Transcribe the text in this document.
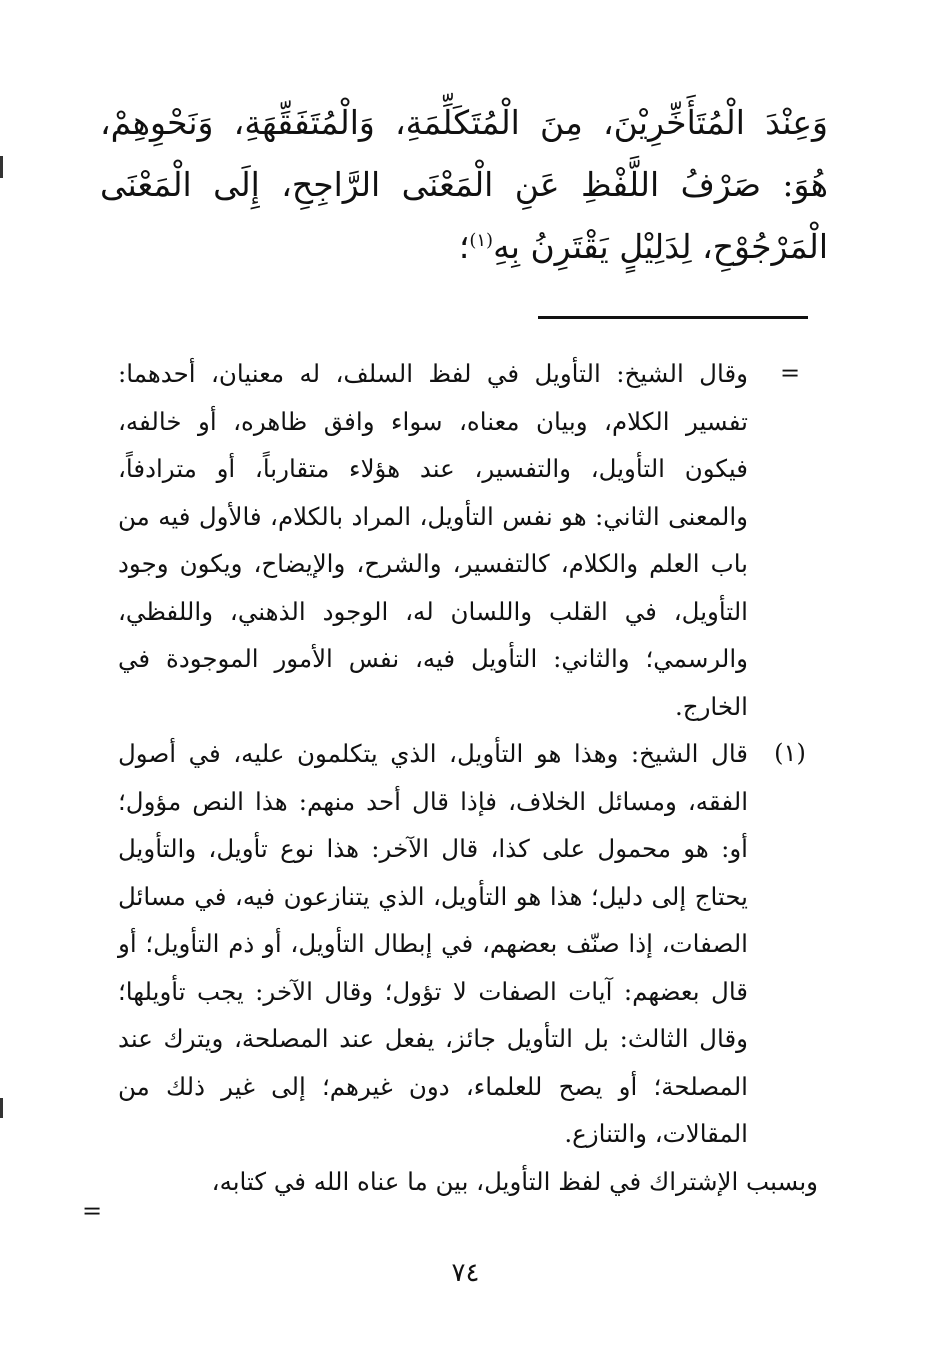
وَعِنْدَ الْمُتَأَخِّرِيْنَ، مِنَ الْمُتَكَلِّمَةِ، وَالْمُتَفَقِّهَةِ، وَنَحْوِهِمْ، هُوَ: صَرْفُ اللَّفْظِ عَنِ الْمَعْنَى الرَّاجِحِ، إِلَى الْمَعْنَى الْمَرْجُوْحِ، لِدَلِيْلٍ يَقْتَرِنُ بِهِ$^{(١)}$؛
=
وقال الشيخ: التأويل في لفظ السلف، له معنيان، أحدهما: تفسير الكلام، وبيان معناه، سواء وافق ظاهره، أو خالفه، فيكون التأويل، والتفسير، عند هؤلاء متقارباً، أو مترادفاً، والمعنى الثاني: هو نفس التأويل، المراد بالكلام، فالأول فيه من باب العلم والكلام، كالتفسير، والشرح، والإيضاح، ويكون وجود التأويل، في القلب واللسان له، الوجود الذهني، واللفظي، والرسمي؛ والثاني: التأويل فيه، نفس الأمور الموجودة في الخارج.
(١)
قال الشيخ: وهذا هو التأويل، الذي يتكلمون عليه، في أصول الفقه، ومسائل الخلاف، فإذا قال أحد منهم: هذا النص مؤول؛ أو: هو محمول على كذا، قال الآخر: هذا نوع تأويل، والتأويل يحتاج إلى دليل؛ هذا هو التأويل، الذي يتنازعون فيه، في مسائل الصفات، إذا صنّف بعضهم، في إبطال التأويل، أو ذم التأويل؛ أو قال بعضهم: آيات الصفات لا تؤول؛ وقال الآخر: يجب تأويلها؛ وقال الثالث: بل التأويل جائز، يفعل عند المصلحة، ويترك عند المصلحة؛ أو يصح للعلماء، دون غيرهم؛ إلى غير ذلك من المقالات، والتنازع.
وبسبب الإشتراك في لفظ التأويل، بين ما عناه الله في كتابه،
=
٧٤
